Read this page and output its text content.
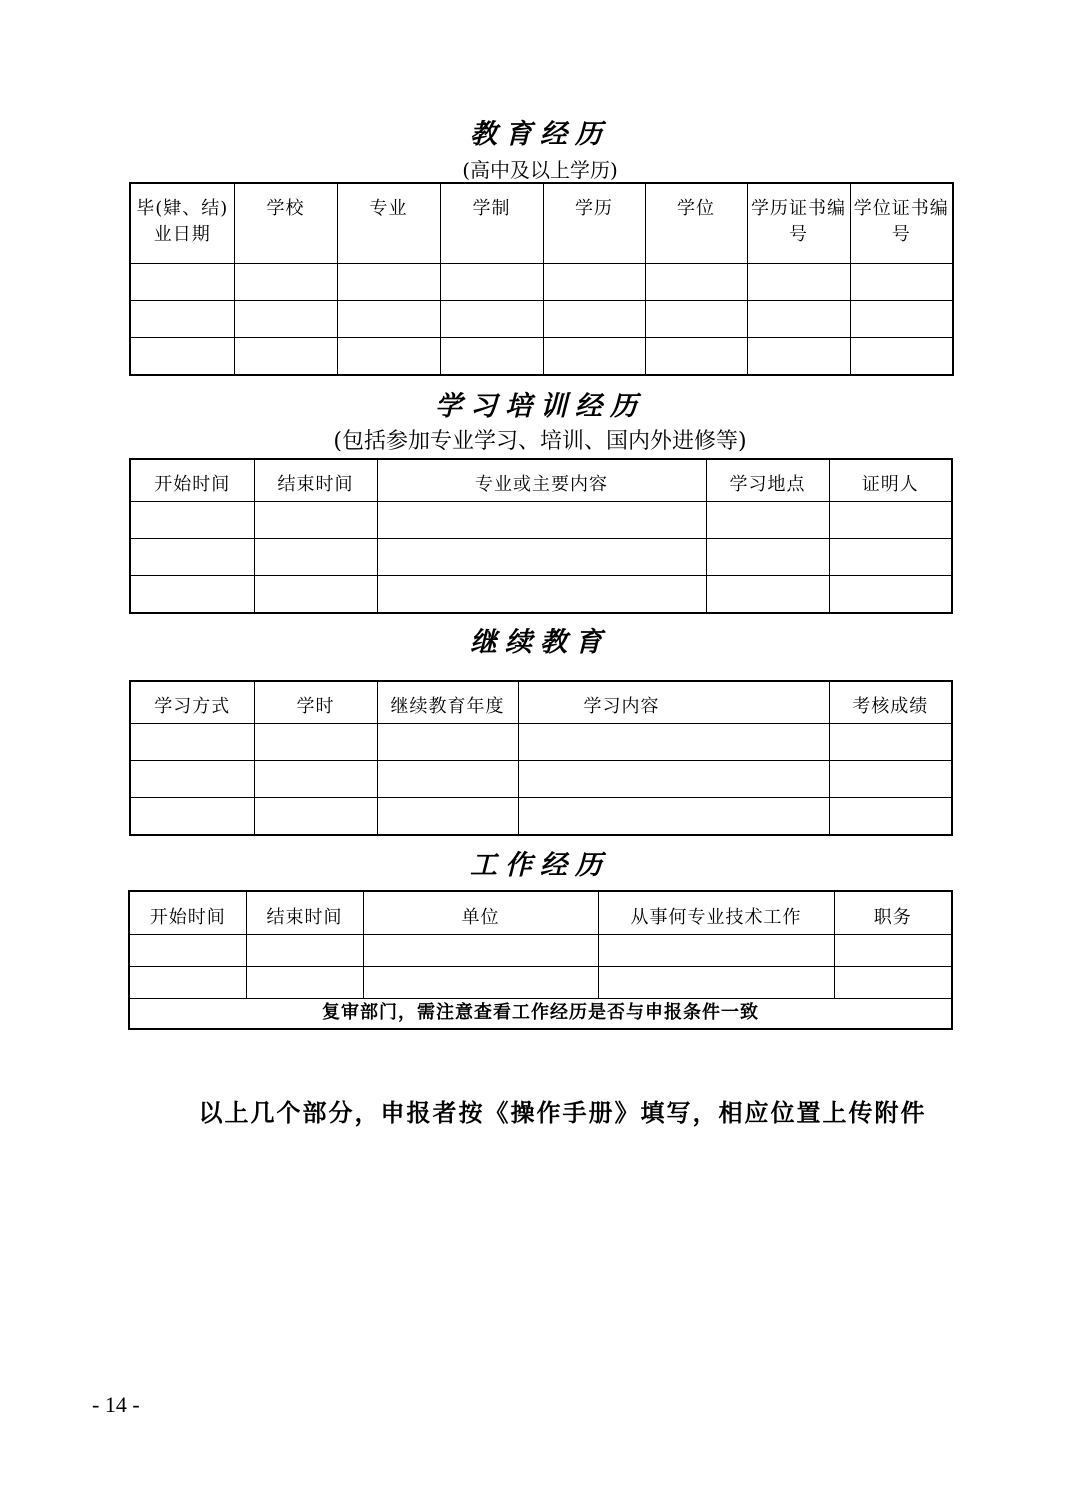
教育经历
(高中及以上学历)
毕(肄、结)业日期	学校	专业	学制	学历	学位	学历证书编号	学位证书编号

学习培训经历
(包括参加专业学习、培训、国内外进修等)
开始时间	结束时间	专业或主要内容	学习地点	证明人

继续教育
学习方式	学时	继续教育年度	学习内容	考核成绩

工作经历
开始时间	结束时间	单位	从事何专业技术工作	职务

复审部门，需注意查看工作经历是否与申报条件一致				
以上几个部分，申报者按《操作手册》填写，相应位置上传附件
- 14 -
